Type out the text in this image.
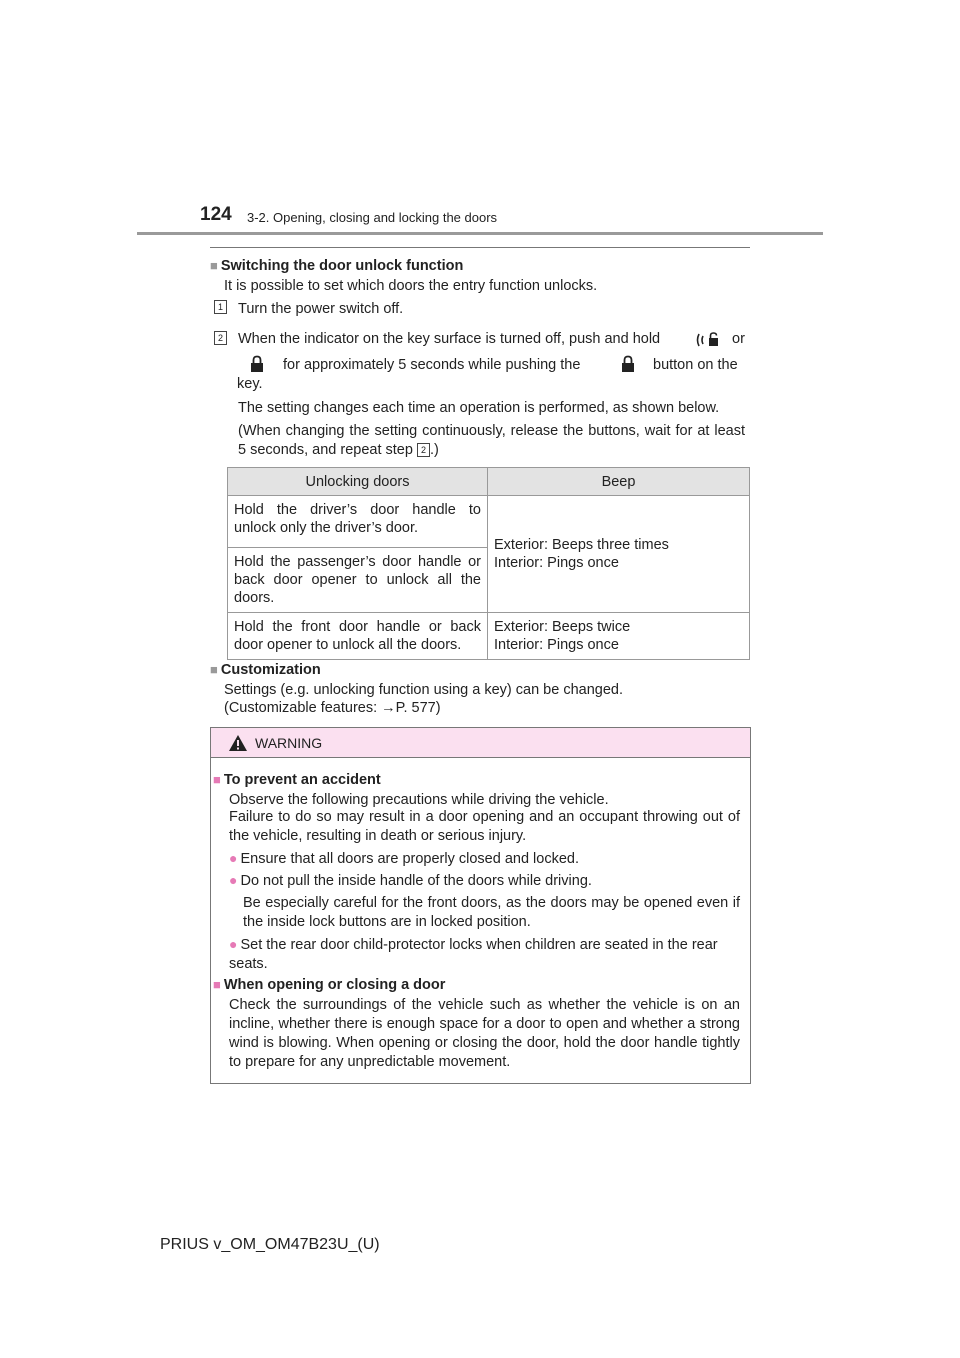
124 3-2. Opening, closing and locking the doors
■ Switching the door unlock function
It is possible to set which doors the entry function unlocks.
1 Turn the power switch off.
2 When the indicator on the key surface is turned off, push and hold	or
for approximately 5 seconds while pushing the	button on the
key.
The setting changes each time an operation is performed, as shown below.
(When changing the setting continuously, release the buttons, wait for at least 5 seconds, and repeat step 2 .)
Unlocking doors	Beep
Hold the driver’s door handle to unlock only the driver’s door.	Exterior: Beeps three times
Interior: Pings once

Hold the passenger’s door handle or back door opener to unlock all the doors.	
Hold the front door handle or back door opener to unlock all the doors.	Exterior: Beeps twice
Interior: Pings once
■ Customization
Settings (e.g. unlocking function using a key) can be changed.
(Customizable features: →P. 577)
WARNING
■ To prevent an accident
Observe the following precautions while driving the vehicle.
Failure to do so may result in a door opening and an occupant throwing out of the vehicle, resulting in death or serious injury.
● Ensure that all doors are properly closed and locked.
● Do not pull the inside handle of the doors while driving.
Be especially careful for the front doors, as the doors may be opened even if the inside lock buttons are in locked position.
● Set the rear door child-protector locks when children are seated in the rear seats.
■ When opening or closing a door
Check the surroundings of the vehicle such as whether the vehicle is on an incline, whether there is enough space for a door to open and whether a strong wind is blowing. When opening or closing the door, hold the door handle tightly to prepare for any unpredictable movement.
PRIUS v_OM_OM47B23U_(U)
